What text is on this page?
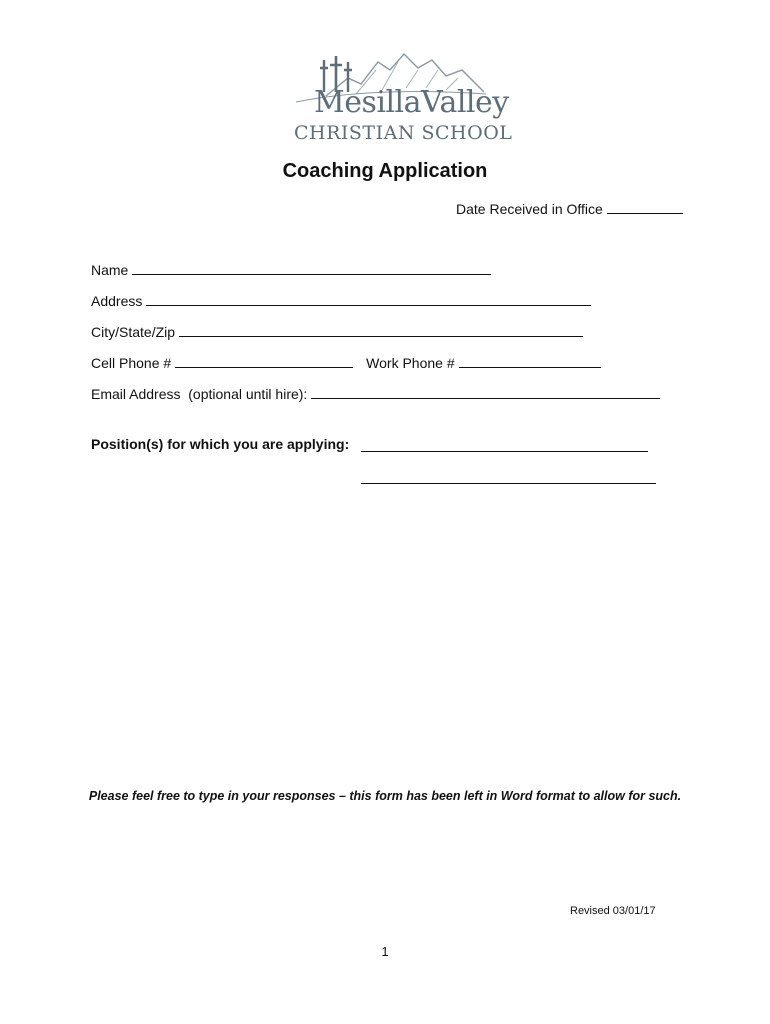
MesillaValley
CHRISTIAN SCHOOL
Coaching Application
Date Received in Office
Name
Address
City/State/Zip
Cell Phone #	Work Phone #
Email Address  (optional until hire):
Position(s) for which you are applying:
Please feel free to type in your responses – this form has been left in Word format to allow for such.
Revised 03/01/17
1
